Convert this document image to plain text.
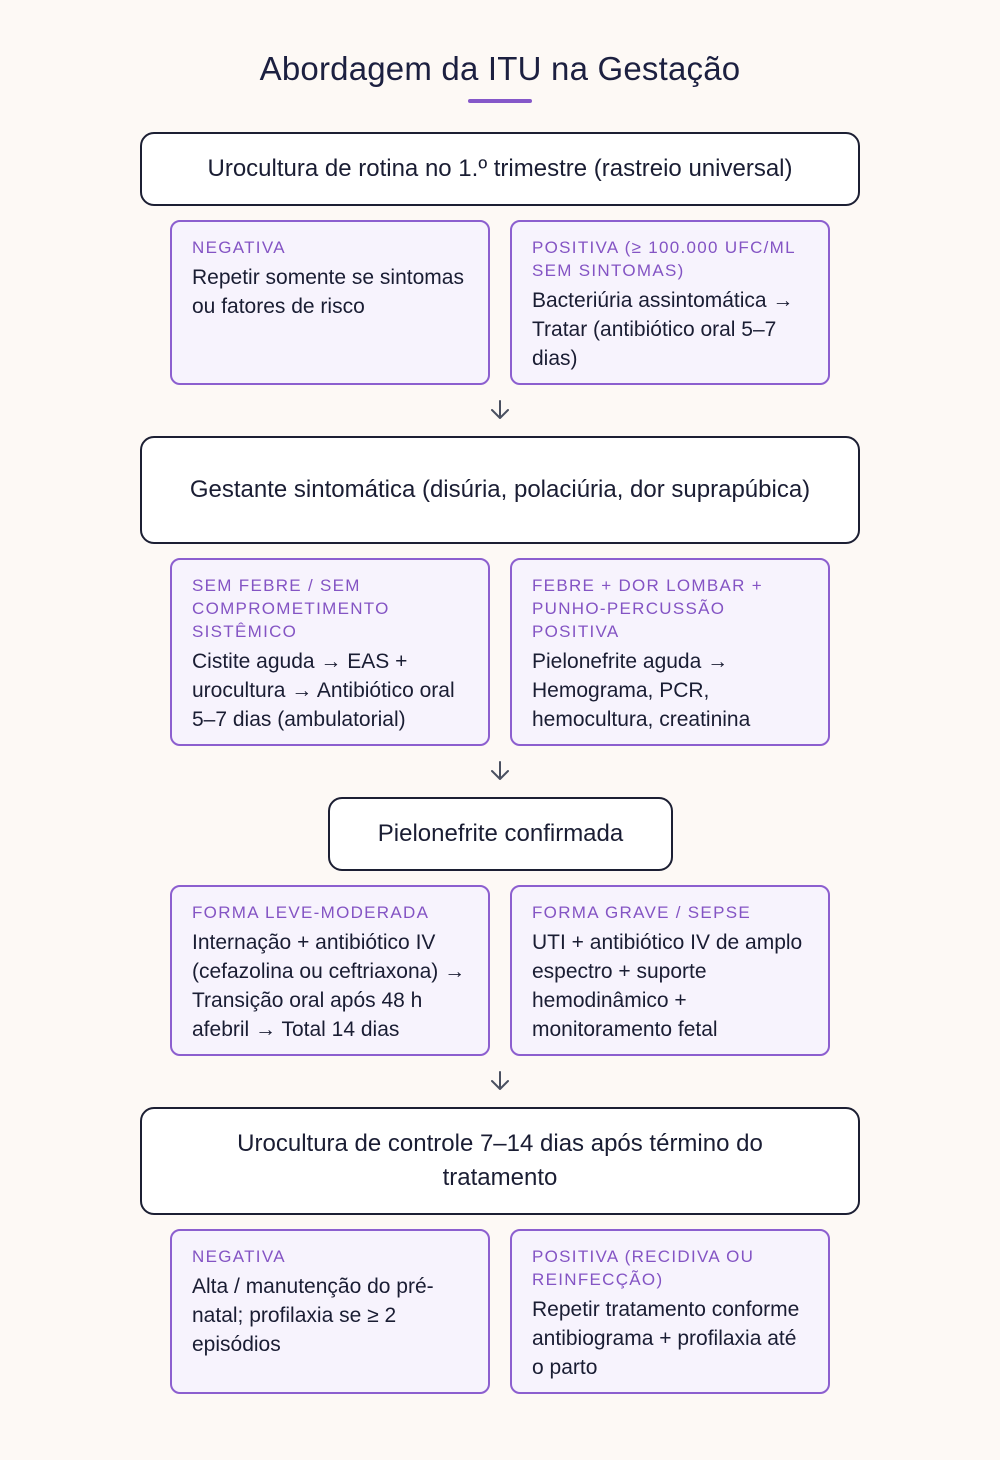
Abordagem da ITU na Gestação
Urocultura de rotina no 1.º trimestre (rastreio universal)
NEGATIVA
Repetir somente se sintomas ou fatores de risco
POSITIVA (≥ 100.000 UFC/ML SEM SINTOMAS)
Bacteriúria assintomática → Tratar (antibiótico oral 5–7 dias)
Gestante sintomática (disúria, polaciúria, dor suprapúbica)
SEM FEBRE / SEM COMPROMETIMENTO SISTÊMICO
Cistite aguda → EAS + urocultura → Antibiótico oral 5–7 dias (ambulatorial)
FEBRE + DOR LOMBAR + PUNHO-PERCUSSÃO POSITIVA
Pielonefrite aguda → Hemograma, PCR, hemocultura, creatinina
Pielonefrite confirmada
FORMA LEVE-MODERADA
Internação + antibiótico IV (cefazolina ou ceftriaxona) → Transição oral após 48 h afebril → Total 14 dias
FORMA GRAVE / SEPSE
UTI + antibiótico IV de amplo espectro + suporte hemodinâmico + monitoramento fetal
Urocultura de controle 7–14 dias após término do tratamento
NEGATIVA
Alta / manutenção do pré-natal; profilaxia se ≥ 2 episódios
POSITIVA (RECIDIVA OU REINFECÇÃO)
Repetir tratamento conforme antibiograma + profilaxia até o parto
